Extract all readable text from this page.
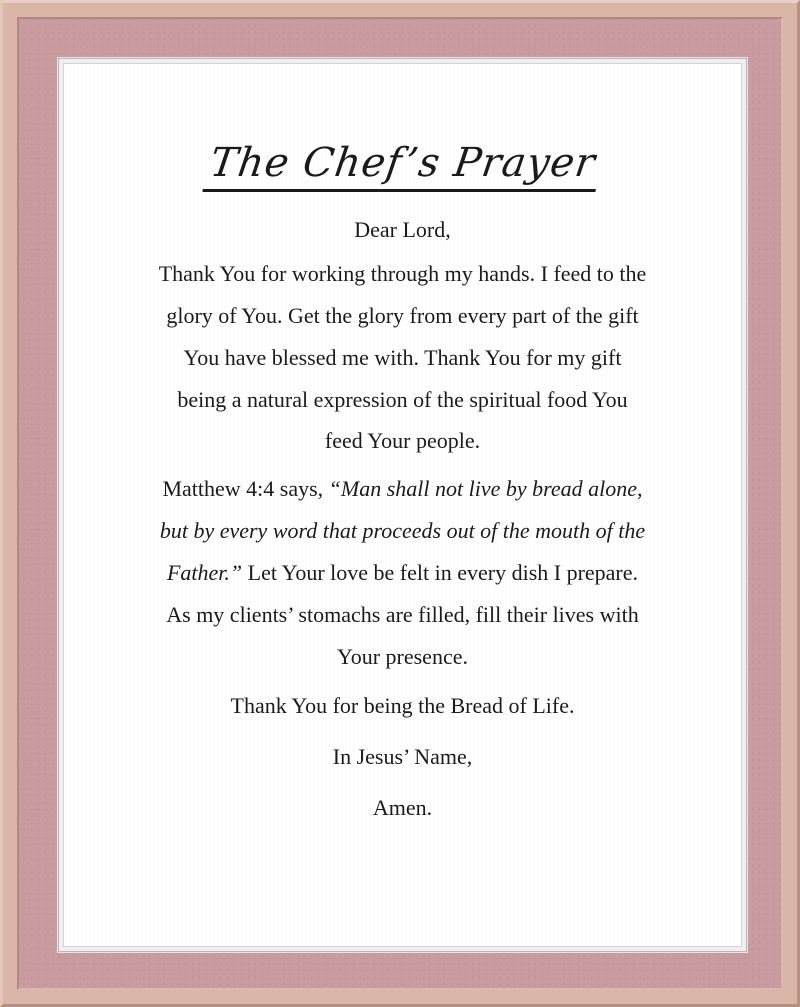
The Chef’s Prayer
Dear Lord,
Thank You for working through my hands. I feed to the
glory of You. Get the glory from every part of the gift
You have blessed me with. Thank You for my gift
being a natural expression of the spiritual food You
feed Your people.
Matthew 4:4 says, “Man shall not live by bread alone,
but by every word that proceeds out of the mouth of the
Father.” Let Your love be felt in every dish I prepare.
As my clients’ stomachs are filled, fill their lives with
Your presence.
Thank You for being the Bread of Life.
In Jesus’ Name,
Amen.
